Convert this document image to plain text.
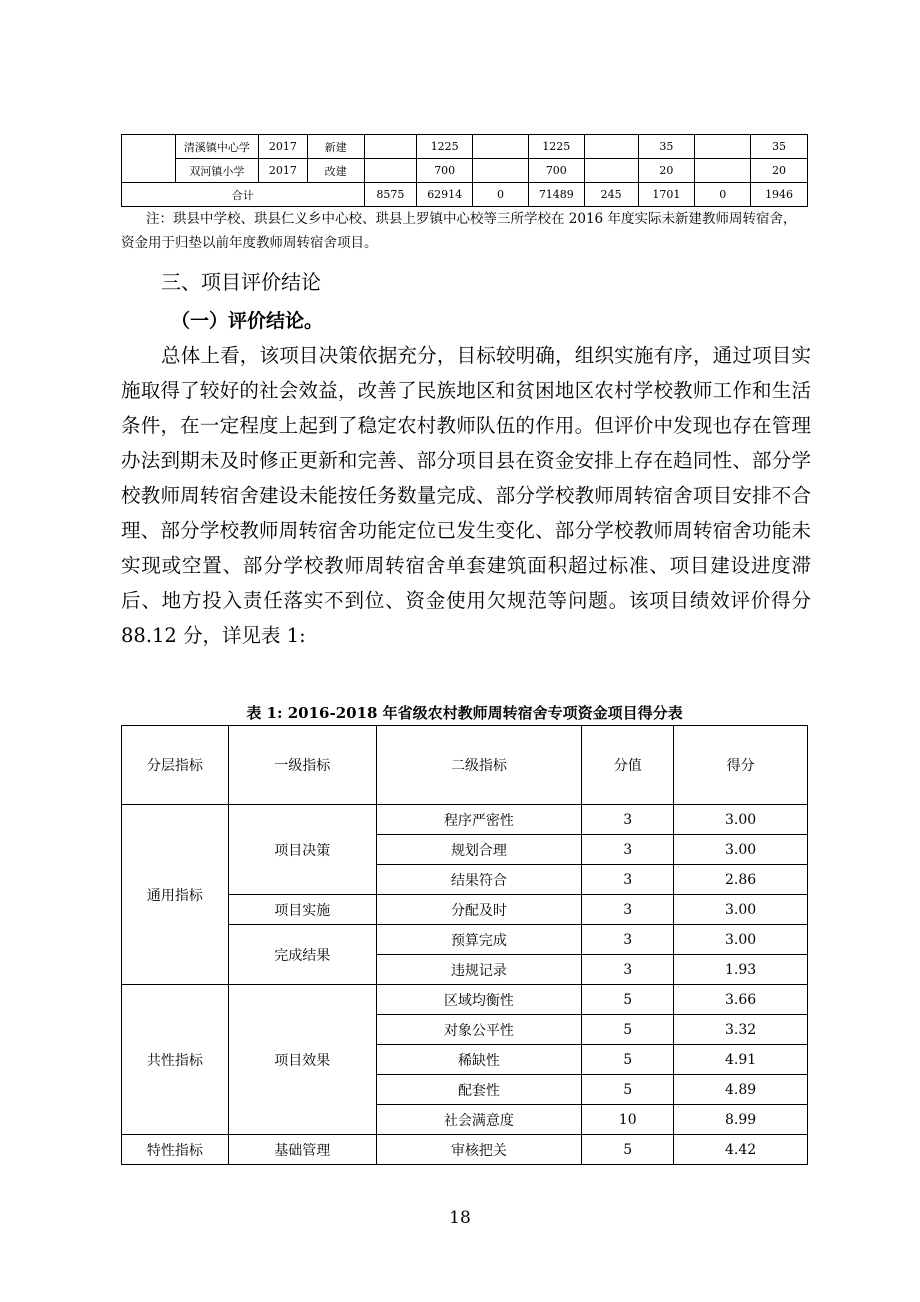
	清溪镇中心学	2017	新建		1225		1225		35		35
	双河镇小学	2017	改建		700		700		20		20
合计				8575	62914	0	71489	245	1701	0	1946
注：珙县中学校、珙县仁义乡中心校、珙县上罗镇中心校等三所学校在 2016 年度实际未新建教师周转宿舍，
资金用于归垫以前年度教师周转宿舍项目。
三、项目评价结论
（一）评价结论。
总体上看，该项目决策依据充分，目标较明确，组织实施有序，通过项目实施取得了较好的社会效益，改善了民族地区和贫困地区农村学校教师工作和生活条件，在一定程度上起到了稳定农村教师队伍的作用。但评价中发现也存在管理办法到期未及时修正更新和完善、部分项目县在资金安排上存在趋同性、部分学校教师周转宿舍建设未能按任务数量完成、部分学校教师周转宿舍项目安排不合理、部分学校教师周转宿舍功能定位已发生变化、部分学校教师周转宿舍功能未实现或空置、部分学校教师周转宿舍单套建筑面积超过标准、项目建设进度滞后、地方投入责任落实不到位、资金使用欠规范等问题。该项目绩效评价得分 88.12 分，详见表 1:
表 1: 2016-2018 年省级农村教师周转宿舍专项资金项目得分表
分层指标	一级指标	二级指标	分值	得分
通用指标	项目决策	程序严密性	3	3.00
		规划合理	3	3.00
		结果符合	3	2.86
	项目实施	分配及时	3	3.00
	完成结果	预算完成	3	3.00
		违规记录	3	1.93
共性指标	项目效果	区域均衡性	5	3.66
		对象公平性	5	3.32
		稀缺性	5	4.91
		配套性	5	4.89
		社会满意度	10	8.99
特性指标	基础管理	审核把关	5	4.42
18
